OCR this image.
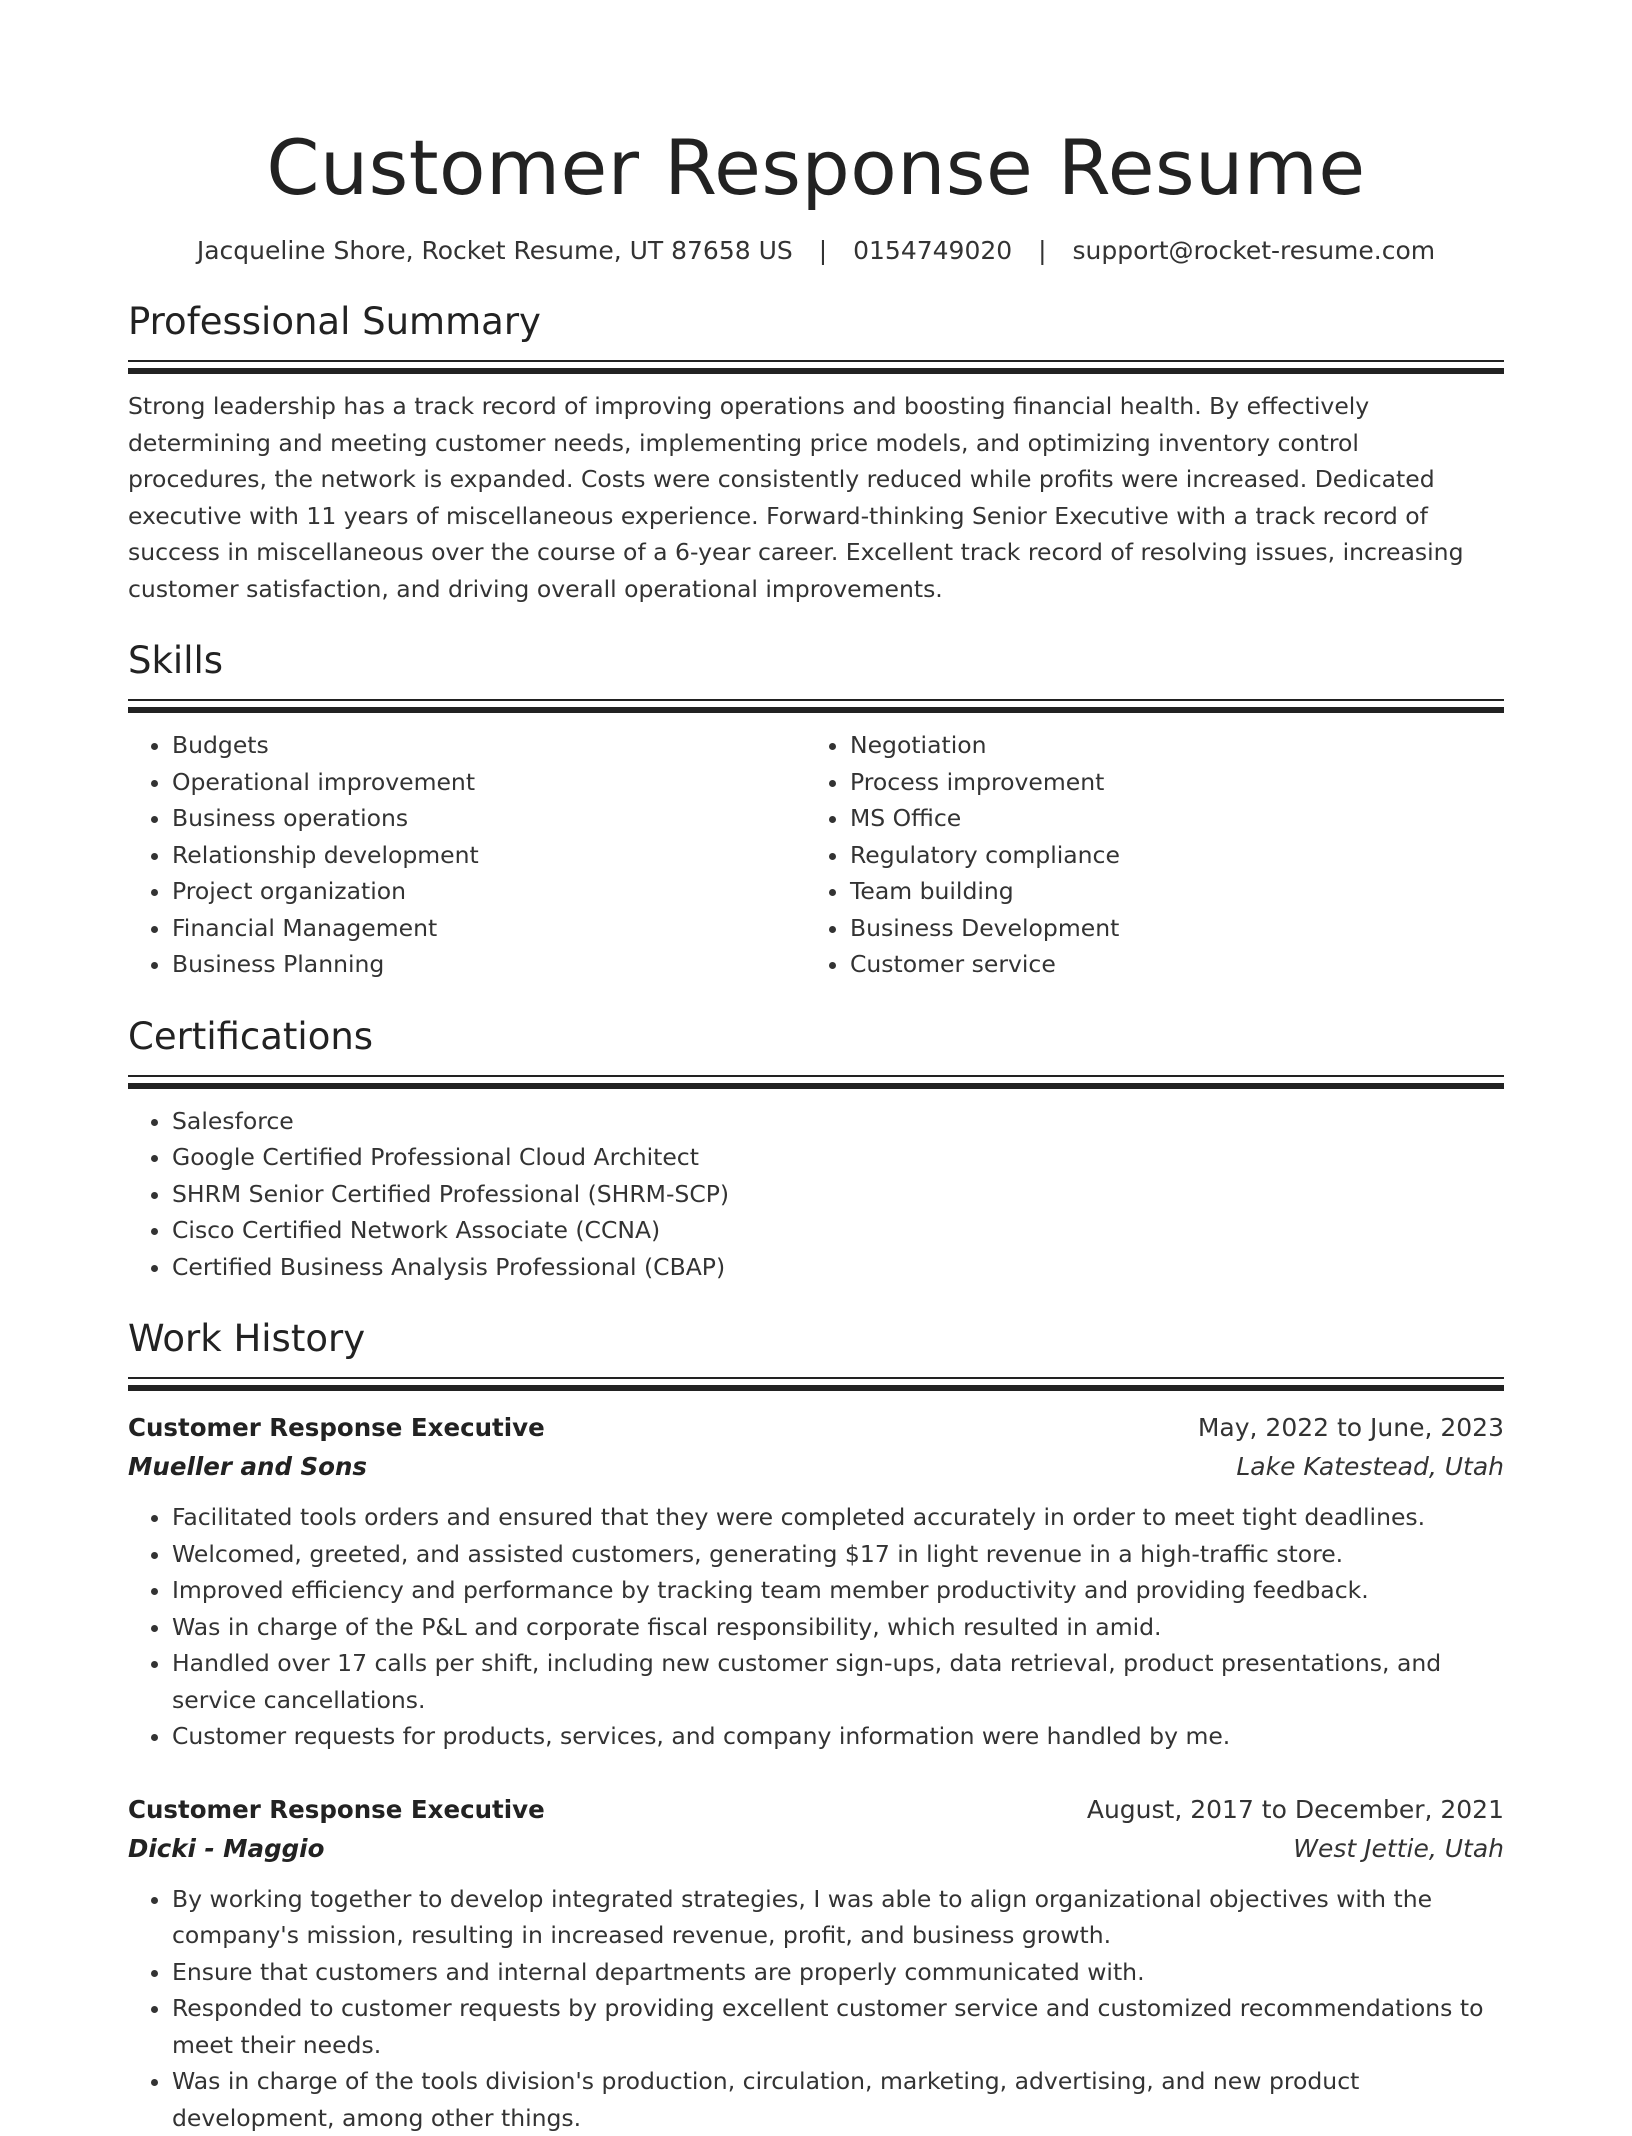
Customer Response Resume
Jacqueline Shore, Rocket Resume, UT 87658 US | 0154749020 | support@rocket-resume.com
Professional Summary

Strong leadership has a track record of improving operations and boosting financial health. By effectively determining and meeting customer needs, implementing price models, and optimizing inventory control procedures, the network is expanded. Costs were consistently reduced while profits were increased. Dedicated executive with 11 years of miscellaneous experience. Forward-thinking Senior Executive with a track record of success in miscellaneous over the course of a 6-year career. Excellent track record of resolving issues, increasing customer satisfaction, and driving overall operational improvements.

Skills
• Budgets
• Operational improvement
• Business operations
• Relationship development
• Project organization
• Financial Management
• Business Planning
• Negotiation
• Process improvement
• MS Office
• Regulatory compliance
• Team building
• Business Development
• Customer service
Certifications
• Salesforce
• Google Certified Professional Cloud Architect
• SHRM Senior Certified Professional (SHRM-SCP)
• Cisco Certified Network Associate (CCNA)
• Certified Business Analysis Professional (CBAP)
Work History
Customer Response Executive	May, 2022 to June, 2023
Mueller and Sons	Lake Katestead, Utah
• Facilitated tools orders and ensured that they were completed accurately in order to meet tight deadlines.
• Welcomed, greeted, and assisted customers, generating $17 in light revenue in a high-traffic store.
• Improved efficiency and performance by tracking team member productivity and providing feedback.
• Was in charge of the P&L and corporate fiscal responsibility, which resulted in amid.
• Handled over 17 calls per shift, including new customer sign-ups, data retrieval, product presentations, and service cancellations.
• Customer requests for products, services, and company information were handled by me.
Customer Response Executive	August, 2017 to December, 2021
Dicki - Maggio	West Jettie, Utah
• By working together to develop integrated strategies, I was able to align organizational objectives with the company's mission, resulting in increased revenue, profit, and business growth.
• Ensure that customers and internal departments are properly communicated with.
• Responded to customer requests by providing excellent customer service and customized recommendations to meet their needs.
• Was in charge of the tools division's production, circulation, marketing, advertising, and new product development, among other things.
